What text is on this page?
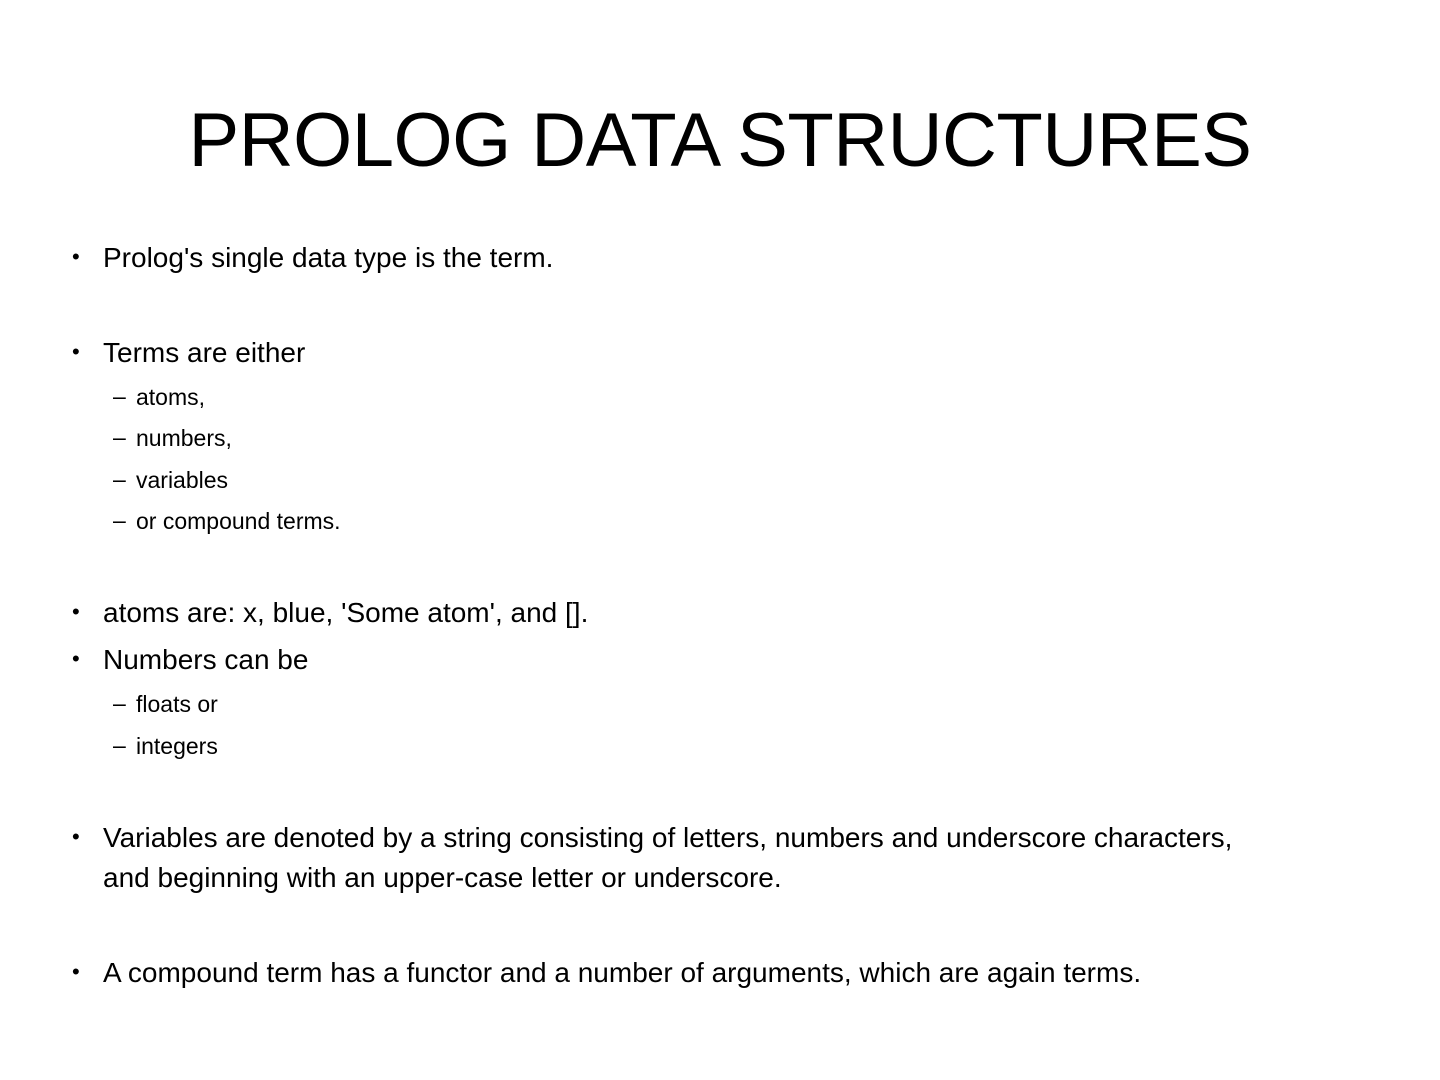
PROLOG DATA STRUCTURES
• Prolog's single data type is the term.
• Terms are either
– atoms,
– numbers,
– variables
– or compound terms.
• atoms are: x, blue, 'Some atom', and [].
• Numbers can be
– floats or
– integers
• Variables are denoted by a string consisting of letters, numbers and underscore characters,
and beginning with an upper-case letter or underscore.
• A compound term has a functor and a number of arguments, which are again terms.
